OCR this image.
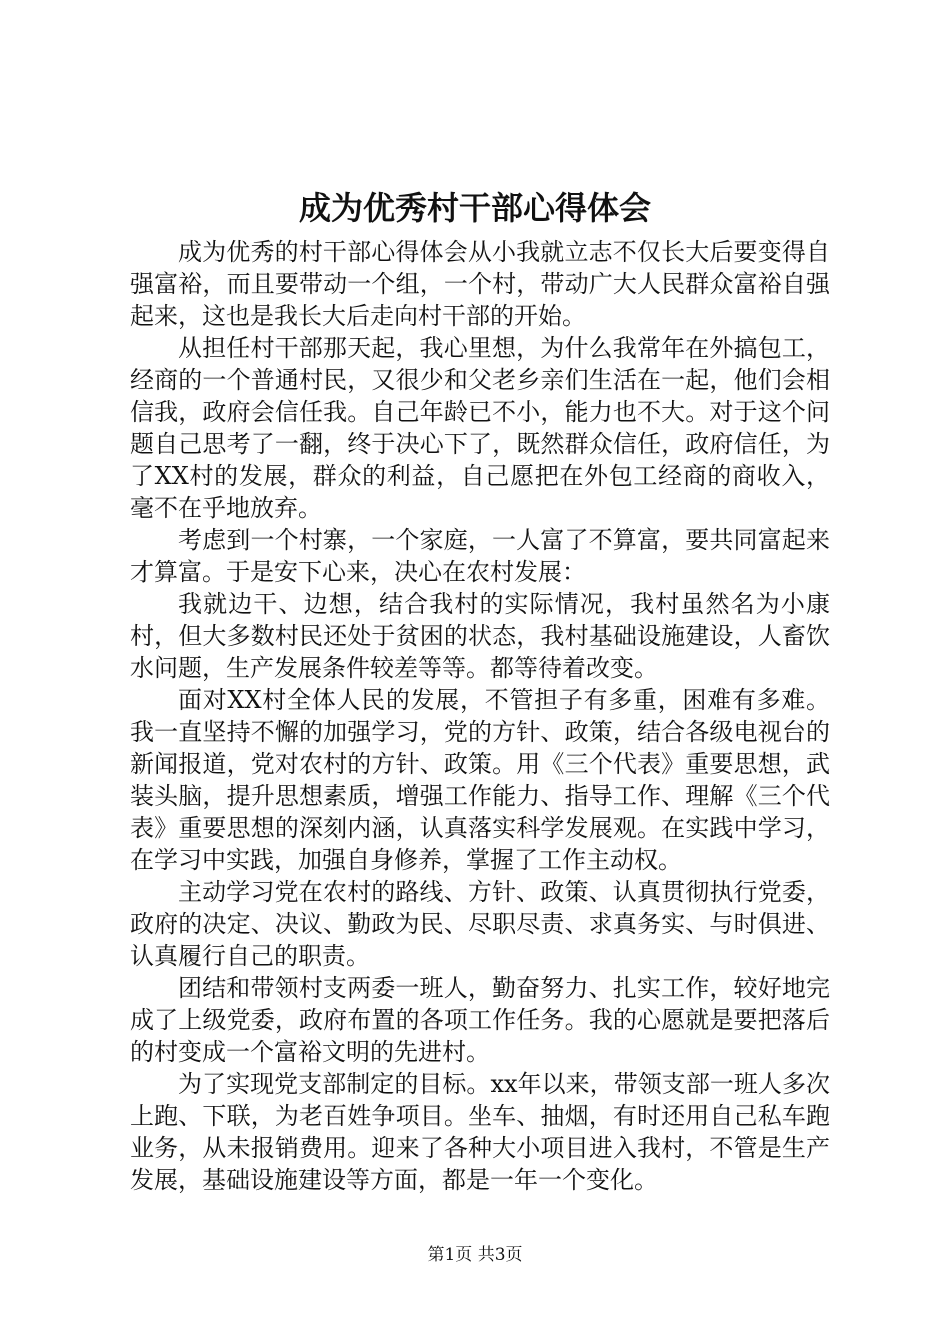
成为优秀村干部心得体会

成为优秀的村干部心得体会从小我就立志不仅长大后要变得自强富裕，而且要带动一个组，一个村，带动广大人民群众富裕自强起来，这也是我长大后走向村干部的开始。

从担任村干部那天起，我心里想，为什么我常年在外搞包工，经商的一个普通村民，又很少和父老乡亲们生活在一起，他们会相信我，政府会信任我。自己年龄已不小，能力也不大。对于这个问题自己思考了一翻，终于决心下了，既然群众信任，政府信任，为了XX村的发展，群众的利益，自己愿把在外包工经商的商收入，毫不在乎地放弃。

考虑到一个村寨，一个家庭，一人富了不算富，要共同富起来才算富。于是安下心来，决心在农村发展：

我就边干、边想，结合我村的实际情况，我村虽然名为小康村，但大多数村民还处于贫困的状态，我村基础设施建设，人畜饮水问题，生产发展条件较差等等。都等待着改变。

面对XX村全体人民的发展，不管担子有多重，困难有多难。我一直坚持不懈的加强学习，党的方针、政策，结合各级电视台的新闻报道，党对农村的方针、政策。用《三个代表》重要思想，武装头脑，提升思想素质，增强工作能力、指导工作、理解《三个代表》重要思想的深刻内涵，认真落实科学发展观。在实践中学习，在学习中实践，加强自身修养，掌握了工作主动权。

主动学习党在农村的路线、方针、政策、认真贯彻执行党委，政府的决定、决议、勤政为民、尽职尽责、求真务实、与时俱进、认真履行自己的职责。

团结和带领村支两委一班人，勤奋努力、扎实工作，较好地完成了上级党委，政府布置的各项工作任务。我的心愿就是要把落后的村变成一个富裕文明的先进村。

为了实现党支部制定的目标。xx年以来，带领支部一班人多次上跑、下联，为老百姓争项目。坐车、抽烟，有时还用自己私车跑业务，从未报销费用。迎来了各种大小项目进入我村，不管是生产发展，基础设施建设等方面，都是一年一个变化。

第1页 共3页
